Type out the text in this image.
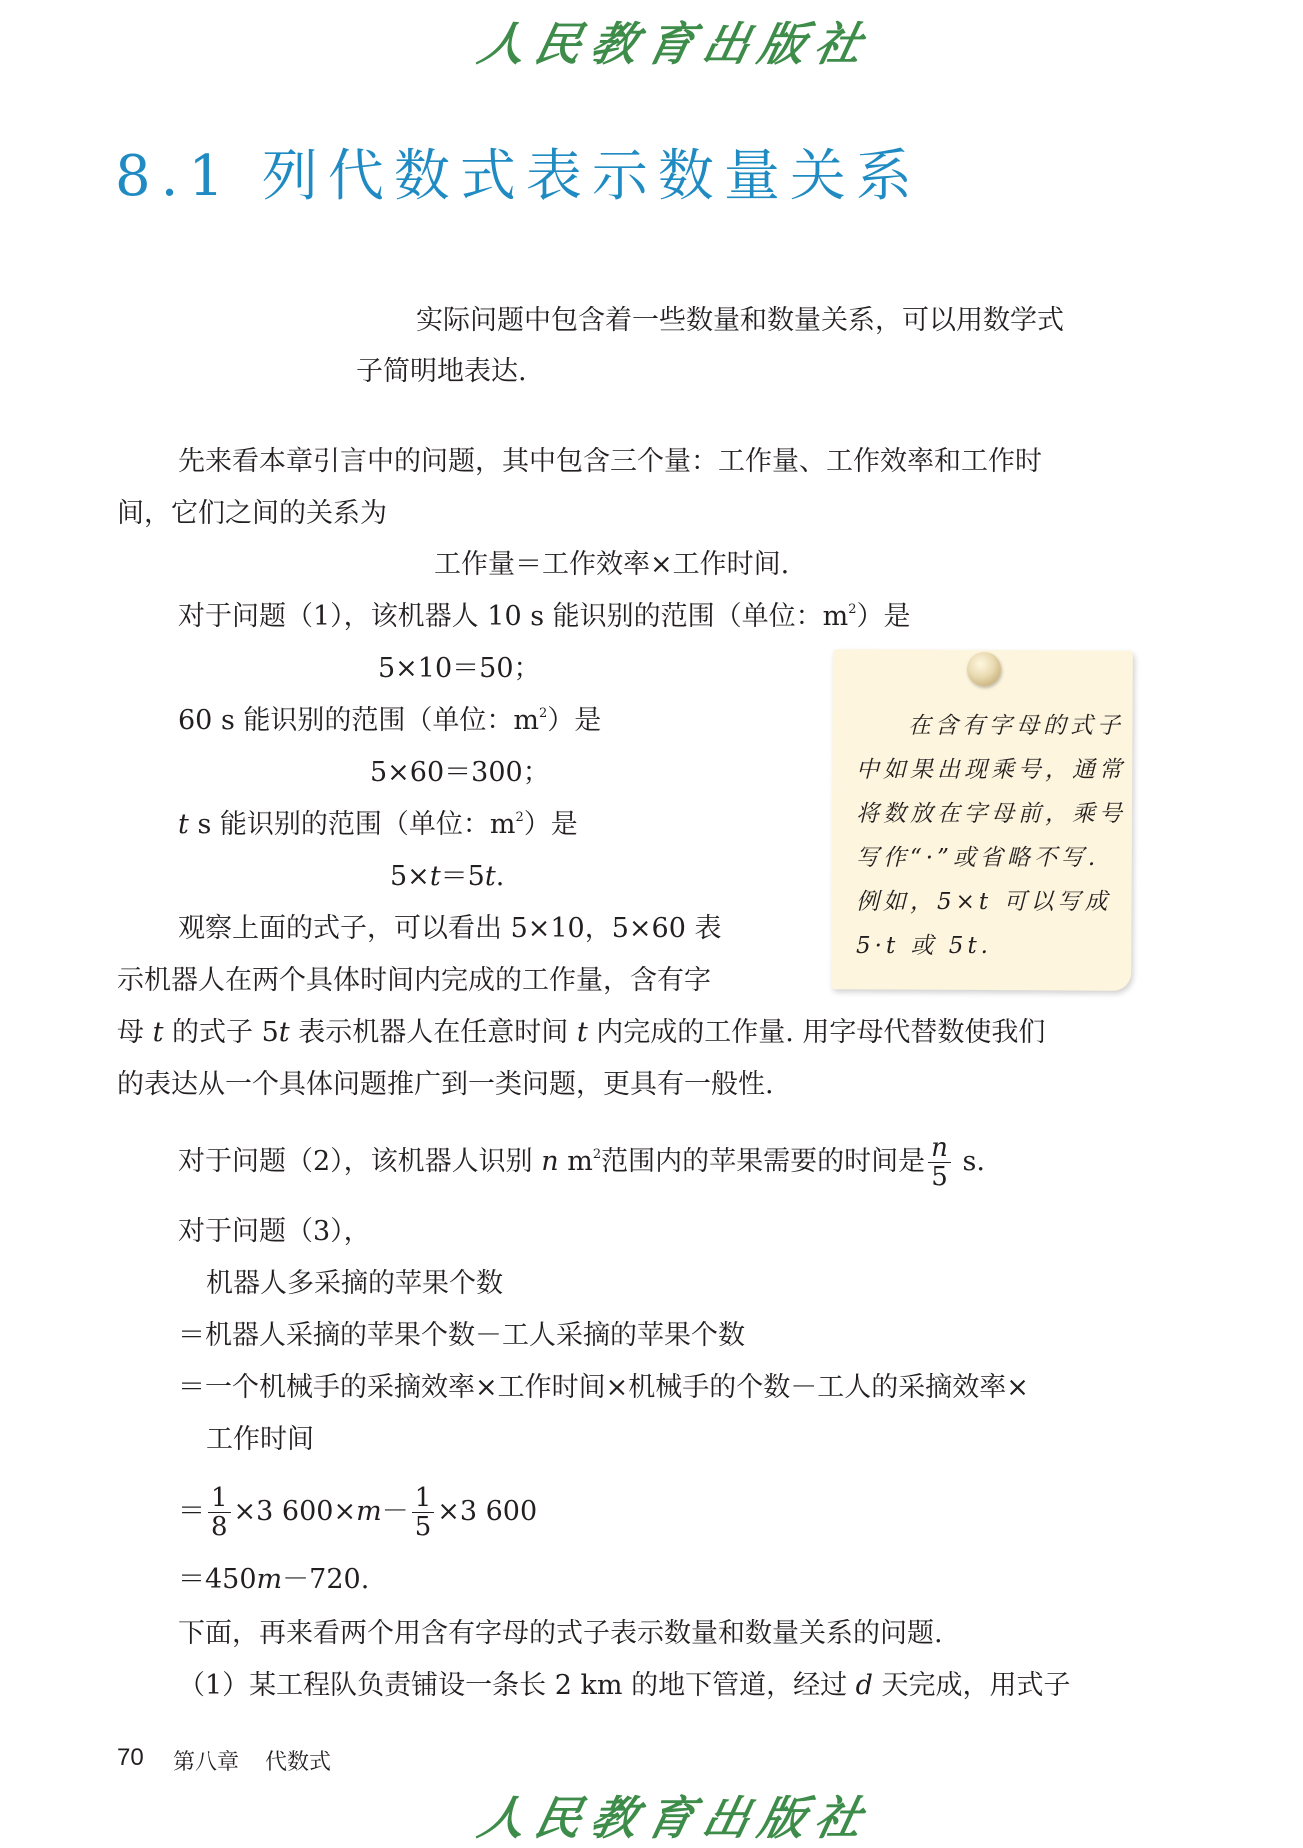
人民教育出版社
8.1 列代数式表示数量关系
实际问题中包含着一些数量和数量关系，可以用数学式
子简明地表达.
先来看本章引言中的问题，其中包含三个量：工作量、工作效率和工作时
间，它们之间的关系为
工作量＝工作效率×工作时间.
对于问题（1），该机器人 10 s 能识别的范围（单位：$m^2$）是
5×10＝50；
60 s 能识别的范围（单位：$m^2$）是
5×60＝300；
t s 能识别的范围（单位：$m^2$）是
5×t＝5t.
观察上面的式子，可以看出 5×10，5×60 表
示机器人在两个具体时间内完成的工作量，含有字
母 t 的式子 5t 表示机器人在任意时间 t 内完成的工作量. 用字母代替数使我们
的表达从一个具体问题推广到一类问题，更具有一般性.
对于问题（2），该机器人识别 n $m^2$范围内的苹果需要的时间是 $\frac{n}{5} s$.
对于问题（3），
机器人多采摘的苹果个数
＝机器人采摘的苹果个数－工人采摘的苹果个数
＝一个机械手的采摘效率×工作时间×机械手的个数－工人的采摘效率×
工作时间
＝ $\frac{1}{8} \times 3$ $600\times m- \frac{1}{5} \times 3$ 600
＝450m－720.
下面，再来看两个用含有字母的式子表示数量和数量关系的问题.
（1）某工程队负责铺设一条长 2 km 的地下管道，经过 d 天完成，用式子
在含有字母的式子
中如果出现乘号，通常
将数放在字母前，乘号
写作“·”或省略不写.
例如，5×t 可以写成
5·t 或 5t.
70 第八章 代数式
人民教育出版社
